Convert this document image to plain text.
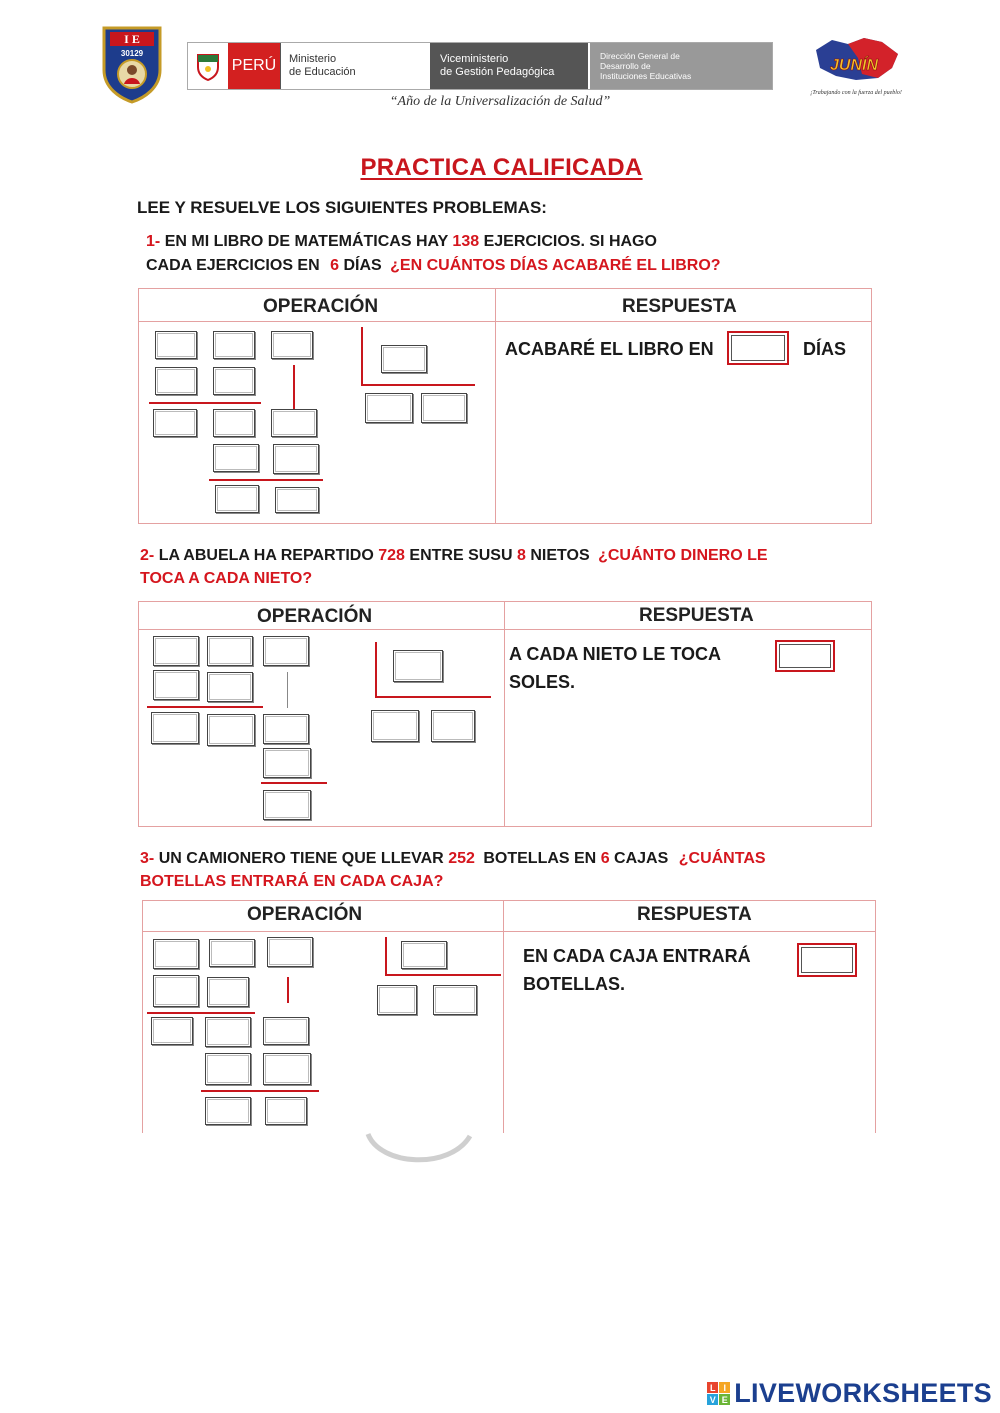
I E
30129
PERÚ	Ministerio
de Educación
Viceministerio
de Gestión Pedagógica
Dirección General de
Desarrollo de
Instituciones Educativas
JUNÍN
¡Trabajando con la fuerza del pueblo!
“Año de la Universalización de Salud”
PRACTICA CALIFICADA
LEE Y RESUELVE LOS SIGUIENTES PROBLEMAS:
1- EN MI LIBRO DE MATEMÁTICAS HAY 138 EJERCICIOS. SI HAGO
CADA EJERCICIOS EN 6 DÍAS ¿EN CUÁNTOS DÍAS ACABARÉ EL LIBRO?
OPERACIÓN	RESPUESTA
ACABARÉ EL LIBRO EN	DÍAS
2- LA ABUELA HA REPARTIDO 728 ENTRE SUSU 8 NIETOS ¿CUÁNTO DINERO LE
TOCA A CADA NIETO?
OPERACIÓN	RESPUESTA
A CADA NIETO LE TOCA
SOLES.
3- UN CAMIONERO TIENE QUE LLEVAR 252 BOTELLAS EN 6 CAJAS ¿CUÁNTAS
BOTELLAS ENTRARÁ EN CADA CAJA?
OPERACIÓN	RESPUESTA
EN CADA CAJA ENTRARÁ
BOTELLAS.
L I
V E LIVEWORKSHEETS
